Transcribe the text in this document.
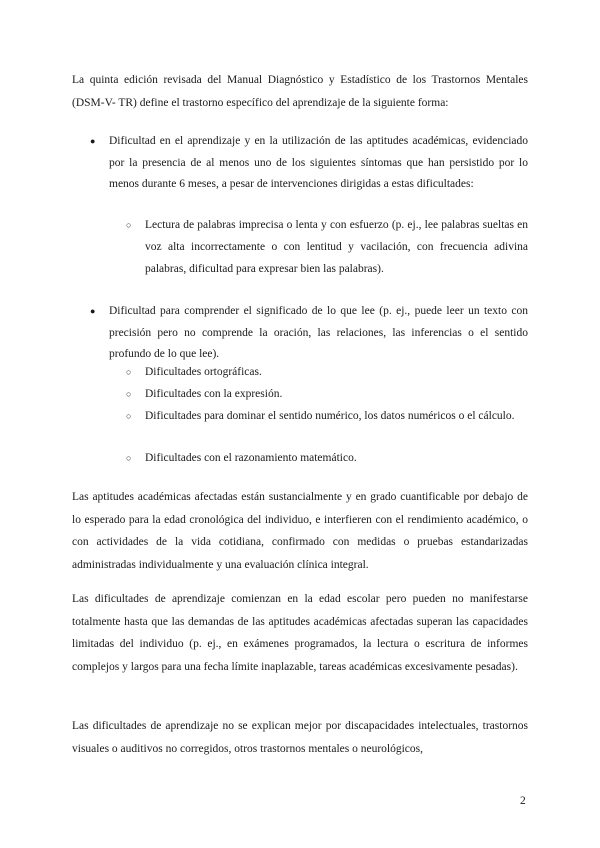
La quinta edición revisada del Manual Diagnóstico y Estadístico de los Trastornos Mentales (DSM-V- TR) define el trastorno específico del aprendizaje de la siguiente forma:

● Dificultad en el aprendizaje y en la utilización de las aptitudes académicas, evidenciado por la presencia de al menos uno de los siguientes síntomas que han persistido por lo menos durante 6 meses, a pesar de intervenciones dirigidas a estas dificultades:

○ Lectura de palabras imprecisa o lenta y con esfuerzo (p. ej., lee palabras sueltas en voz alta incorrectamente o con lentitud y vacilación, con frecuencia adivina palabras, dificultad para expresar bien las palabras).

● Dificultad para comprender el significado de lo que lee (p. ej., puede leer un texto con precisión pero no comprende la oración, las relaciones, las inferencias o el sentido profundo de lo que lee).

○ Dificultades ortográficas.

○ Dificultades con la expresión.

○ Dificultades para dominar el sentido numérico, los datos numéricos o el cálculo.

○ Dificultades con el razonamiento matemático.

Las aptitudes académicas afectadas están sustancialmente y en grado cuantificable por debajo de lo esperado para la edad cronológica del individuo, e interfieren con el rendimiento académico, o con actividades de la vida cotidiana, confirmado con medidas o pruebas estandarizadas administradas individualmente y una evaluación clínica integral.

Las dificultades de aprendizaje comienzan en la edad escolar pero pueden no manifestarse totalmente hasta que las demandas de las aptitudes académicas afectadas superan las capacidades limitadas del individuo (p. ej., en exámenes programados, la lectura o escritura de informes complejos y largos para una fecha límite inaplazable, tareas académicas excesivamente pesadas).

Las dificultades de aprendizaje no se explican mejor por discapacidades intelectuales, trastornos visuales o auditivos no corregidos, otros trastornos mentales o neurológicos,

2
